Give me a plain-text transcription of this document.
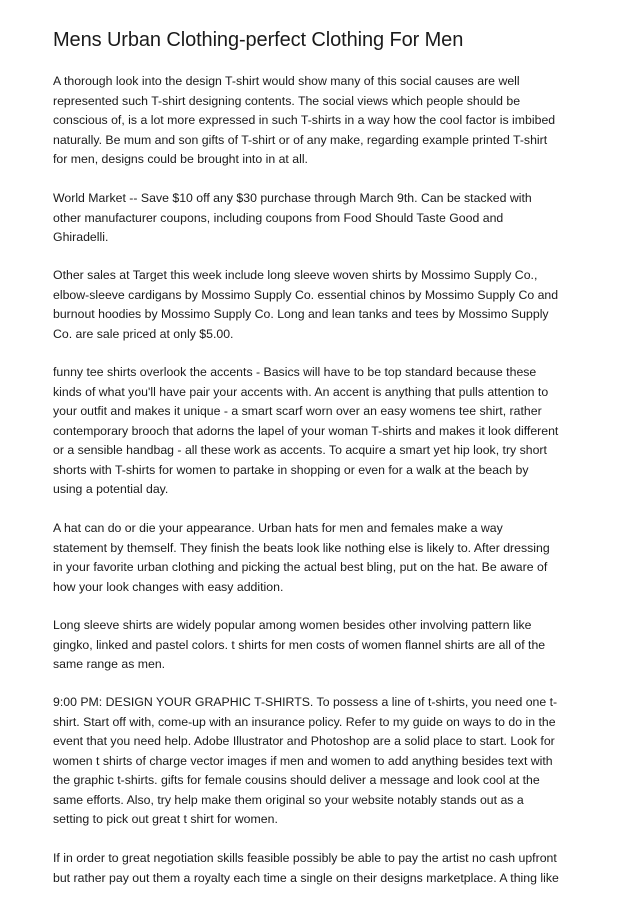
Mens Urban Clothing-perfect Clothing For Men

A thorough look into the design T-shirt would show many of this social causes are well
represented such T-shirt designing contents. The social views which people should be
conscious of, is a lot more expressed in such T-shirts in a way how the cool factor is imbibed
naturally. Be mum and son gifts of T-shirt or of any make, regarding example printed T-shirt
for men, designs could be brought into in at all.

World Market -- Save $10 off any $30 purchase through March 9th. Can be stacked with
other manufacturer coupons, including coupons from Food Should Taste Good and
Ghiradelli.

Other sales at Target this week include long sleeve woven shirts by Mossimo Supply Co.,
elbow-sleeve cardigans by Mossimo Supply Co. essential chinos by Mossimo Supply Co and
burnout hoodies by Mossimo Supply Co. Long and lean tanks and tees by Mossimo Supply
Co. are sale priced at only $5.00.

funny tee shirts overlook the accents - Basics will have to be top standard because these
kinds of what you'll have pair your accents with. An accent is anything that pulls attention to
your outfit and makes it unique - a smart scarf worn over an easy womens tee shirt, rather
contemporary brooch that adorns the lapel of your woman T-shirts and makes it look different
or a sensible handbag - all these work as accents. To acquire a smart yet hip look, try short
shorts with T-shirts for women to partake in shopping or even for a walk at the beach by
using a potential day.

A hat can do or die your appearance. Urban hats for men and females make a way
statement by themself. They finish the beats look like nothing else is likely to. After dressing
in your favorite urban clothing and picking the actual best bling, put on the hat. Be aware of
how your look changes with easy addition.

Long sleeve shirts are widely popular among women besides other involving pattern like
gingko, linked and pastel colors. t shirts for men costs of women flannel shirts are all of the
same range as men.

9:00 PM: DESIGN YOUR GRAPHIC T-SHIRTS. To possess a line of t-shirts, you need one t-
shirt. Start off with, come-up with an insurance policy. Refer to my guide on ways to do in the
event that you need help. Adobe Illustrator and Photoshop are a solid place to start. Look for
women t shirts of charge vector images if men and women to add anything besides text with
the graphic t-shirts. gifts for female cousins should deliver a message and look cool at the
same efforts. Also, try help make them original so your website notably stands out as a
setting to pick out great t shirt for women.

If in order to great negotiation skills feasible possibly be able to pay the artist no cash upfront
but rather pay out them a royalty each time a single on their designs marketplace. A thing like
